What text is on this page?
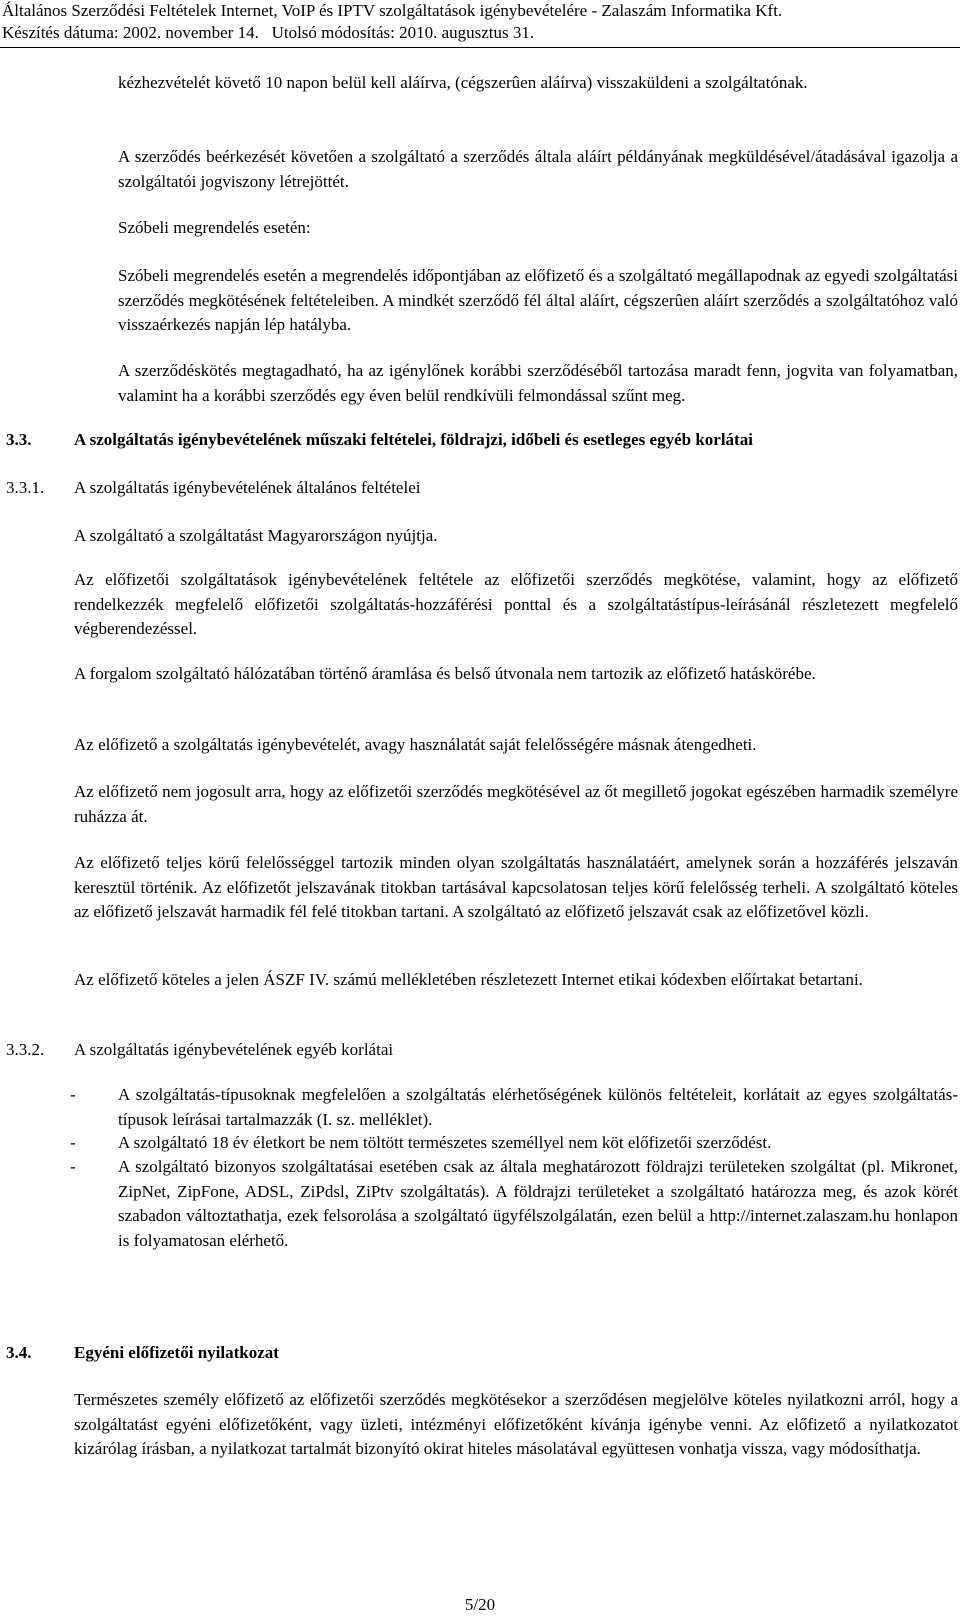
Általános Szerződési Feltételek Internet, VoIP és IPTV szolgáltatások igénybevételére - Zalaszám Informatika Kft.
Készítés dátuma: 2002. november 14.   Utolsó módosítás: 2010. augusztus 31.
kézhezvételét követő 10 napon belül kell aláírva, (cégszerûen aláírva) visszaküldeni a szolgáltatónak.
A szerződés beérkezését követően a szolgáltató a szerződés általa aláírt példányának megküldésével/átadásával igazolja a szolgáltatói jogviszony létrejöttét.
Szóbeli megrendelés esetén:
Szóbeli megrendelés esetén a megrendelés időpontjában az előfizető és a szolgáltató megállapodnak az egyedi szolgáltatási szerződés megkötésének feltételeiben. A mindkét szerződő fél által aláírt, cégszerûen aláírt szerződés a szolgáltatóhoz való visszaérkezés napján lép hatályba.
A szerződéskötés megtagadható, ha az igénylőnek korábbi szerződéséből tartozása maradt fenn, jogvita van folyamatban, valamint ha a korábbi szerződés egy éven belül rendkívüli felmondással szűnt meg.
3.3.	A szolgáltatás igénybevételének műszaki feltételei, földrajzi, időbeli és esetleges egyéb korlátai
3.3.1. A szolgáltatás igénybevételének általános feltételei
A szolgáltató a szolgáltatást Magyarországon nyújtja.
Az előfizetői szolgáltatások igénybevételének feltétele az előfizetői szerződés megkötése, valamint, hogy az előfizető rendelkezzék megfelelő előfizetői szolgáltatás-hozzáférési ponttal és a szolgáltatástípus-leírásánál részletezett megfelelő végberendezéssel.
A forgalom szolgáltató hálózatában történő áramlása és belső útvonala nem tartozik az előfizető hatáskörébe.
Az előfizető a szolgáltatás igénybevételét, avagy használatát saját felelősségére másnak átengedheti.
Az előfizető nem jogosult arra, hogy az előfizetői szerződés megkötésével az őt megillető jogokat egészében harmadik személyre ruházza át.
Az előfizető teljes körű felelősséggel tartozik minden olyan szolgáltatás használatáért, amelynek során a hozzáférés jelszaván keresztül történik. Az előfizetőt jelszavának titokban tartásával kapcsolatosan teljes körű felelősség terheli. A szolgáltató köteles az előfizető jelszavát harmadik fél felé titokban tartani. A szolgáltató az előfizető jelszavát csak az előfizetővel közli.
Az előfizető köteles a jelen ÁSZF IV. számú mellékletében részletezett Internet etikai kódexben előírtakat betartani.
3.3.2. A szolgáltatás igénybevételének egyéb korlátai
- A szolgáltatás-típusoknak megfelelően a szolgáltatás elérhetőségének különös feltételeit, korlátait az egyes szolgáltatás-típusok leírásai tartalmazzák (I. sz. melléklet).
- A szolgáltató 18 év életkort be nem töltött természetes személlyel nem köt előfizetői szerződést.
- A szolgáltató bizonyos szolgáltatásai esetében csak az általa meghatározott földrajzi területeken szolgáltat (pl. Mikronet, ZipNet, ZipFone, ADSL, ZiPdsl, ZiPtv szolgáltatás). A földrajzi területeket a szolgáltató határozza meg, és azok körét szabadon változtathatja, ezek felsorolása a szolgáltató ügyfélszolgálatán, ezen belül a http://internet.zalaszam.hu honlapon is folyamatosan elérhető.
3.4.	Egyéni előfizetői nyilatkozat
Természetes személy előfizető az előfizetői szerződés megkötésekor a szerződésen megjelölve köteles nyilatkozni arról, hogy a szolgáltatást egyéni előfizetőként, vagy üzleti, intézményi előfizetőként kívánja igénybe venni. Az előfizető a nyilatkozatot kizárólag írásban, a nyilatkozat tartalmát bizonyító okirat hiteles másolatával együttesen vonhatja vissza, vagy módosíthatja.
5/20
